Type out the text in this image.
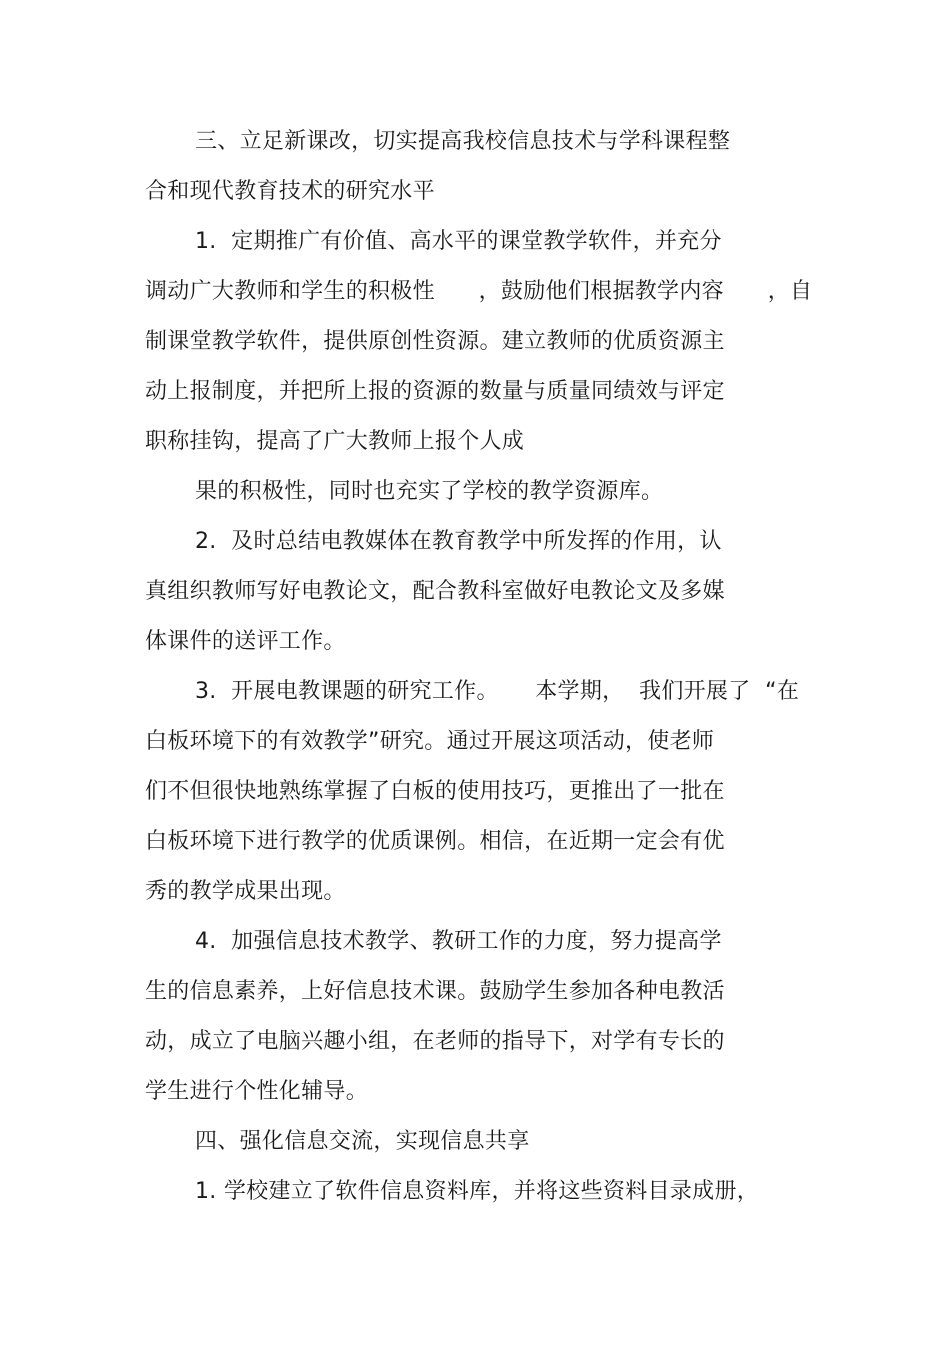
三、立足新课改，切实提高我校信息技术与学科课程整

合和现代教育技术的研究水平

1.  定期推广有价值、高水平的课堂教学软件，并充分

调动广大教师和学生的积极性      ，鼓励他们根据教学内容      ，自

制课堂教学软件，提供原创性资源。建立教师的优质资源主

动上报制度，并把所上报的资源的数量与质量同绩效与评定

职称挂钩，提高了广大教师上报个人成

果的积极性，同时也充实了学校的教学资源库。

2.  及时总结电教媒体在教育教学中所发挥的作用，认

真组织教师写好电教论文，配合教科室做好电教论文及多媒

体课件的送评工作。

3.  开展电教课题的研究工作。     本学期，  我们开展了  “在

白板环境下的有效教学”研究。通过开展这项活动，使老师

们不但很快地熟练掌握了白板的使用技巧，更推出了一批在

白板环境下进行教学的优质课例。相信，在近期一定会有优

秀的教学成果出现。

4.  加强信息技术教学、教研工作的力度，努力提高学

生的信息素养，上好信息技术课。鼓励学生参加各种电教活

动，成立了电脑兴趣小组，在老师的指导下，对学有专长的

学生进行个性化辅导。

四、强化信息交流，实现信息共享

1. 学校建立了软件信息资料库，并将这些资料目录成册，
